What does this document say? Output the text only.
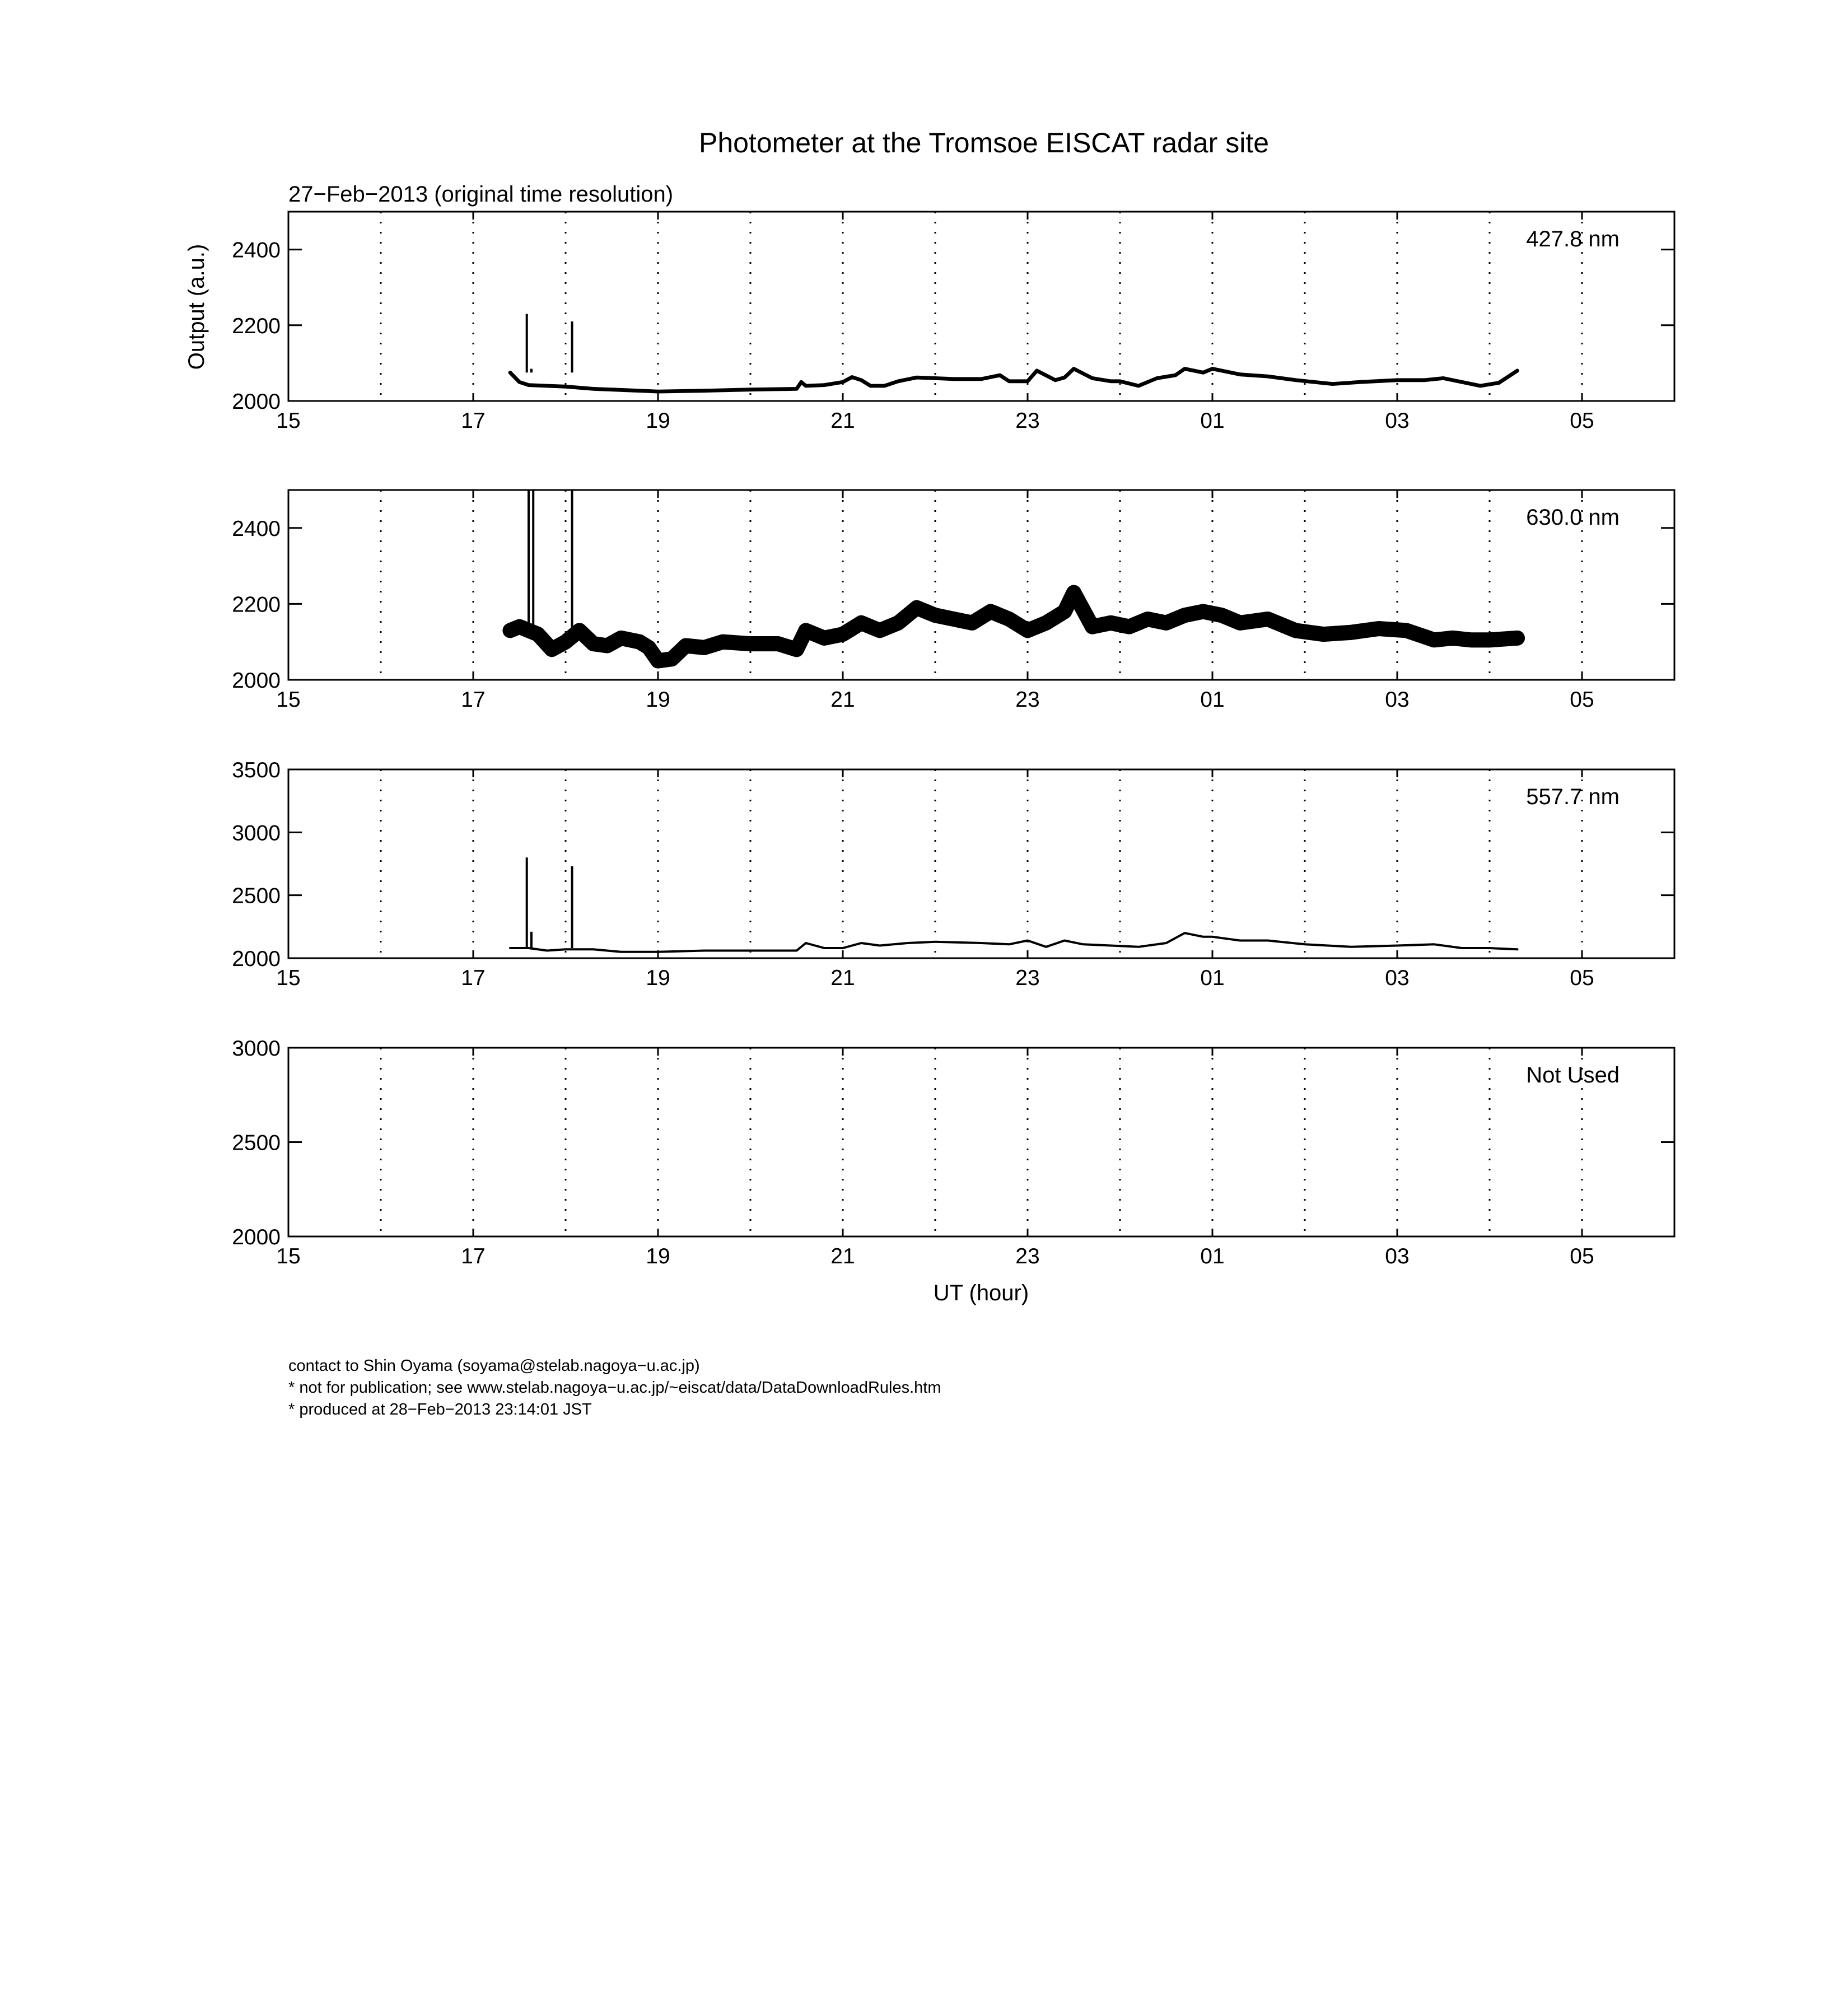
Photometer at the Tromsoe EISCAT radar site
27−Feb−2013 (original time resolution)
Output (a.u.)
15	17	19	21	23	01	03	05
2000
2200
2400	427.8 nm
15	17	19	21	23	01	03	05
2000
2200
2400	630.0 nm
15	17	19	21	23	01	03	05
2000
2500
3000
3500
557.7 nm
15	17	19	21	23	01	03	05
2000
2500
3000
Not Used
UT (hour)
contact to Shin Oyama (soyama@stelab.nagoya−u.ac.jp)
* not for publication; see www.stelab.nagoya−u.ac.jp/~eiscat/data/DataDownloadRules.htm
* produced at 28−Feb−2013 23:14:01 JST
